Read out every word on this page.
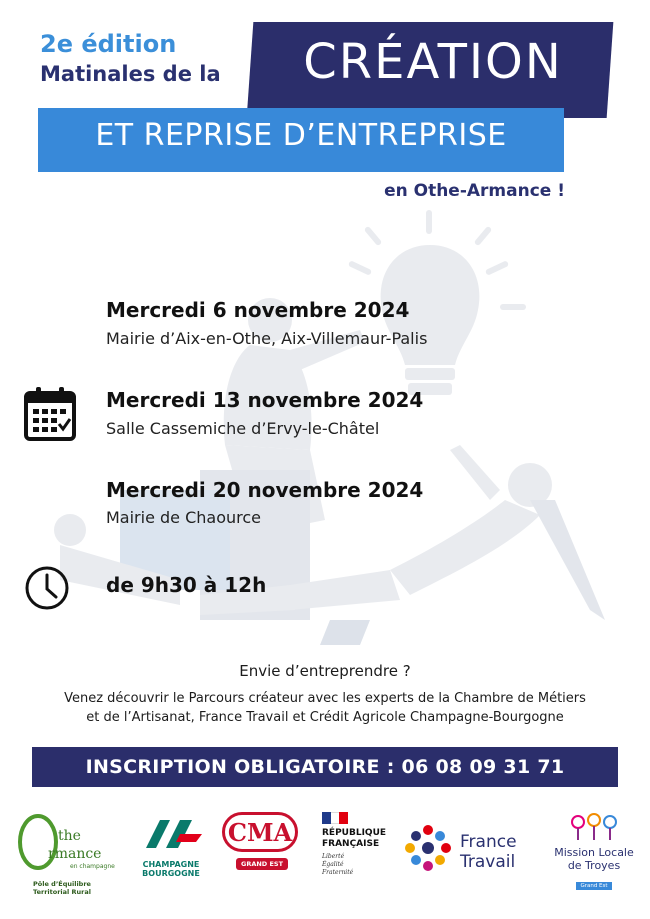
2e édition
Matinales de la	CRÉATION
ET REPRISE D’ENTREPRISE
en Othe-Armance !
Mercredi 6 novembre 2024
Mairie d’Aix-en-Othe, Aix-Villemaur-Palis
Mercredi 13 novembre 2024
Salle Cassemiche d’Ervy-le-Châtel
Mercredi 20 novembre 2024
Mairie de Chaource
de 9h30 à 12h
Envie d’entreprendre ?
Venez découvrir le Parcours créateur avec les experts de la Chambre de Métiers
et de l’Artisanat, France Travail et Crédit Agricole Champagne-Bourgogne
INSCRIPTION OBLIGATOIRE : 06 08 09 31 71
the
rmance
en champagne
Pôle d’Équilibre Territorial Rural
CHAMPAGNE
BOURGOGNE
CMA
GRAND EST
RÉPUBLIQUE
FRANÇAISE
Liberté
Égalité
Fraternité
France
Travail	Mission Locale
de Troyes
Grand Est
